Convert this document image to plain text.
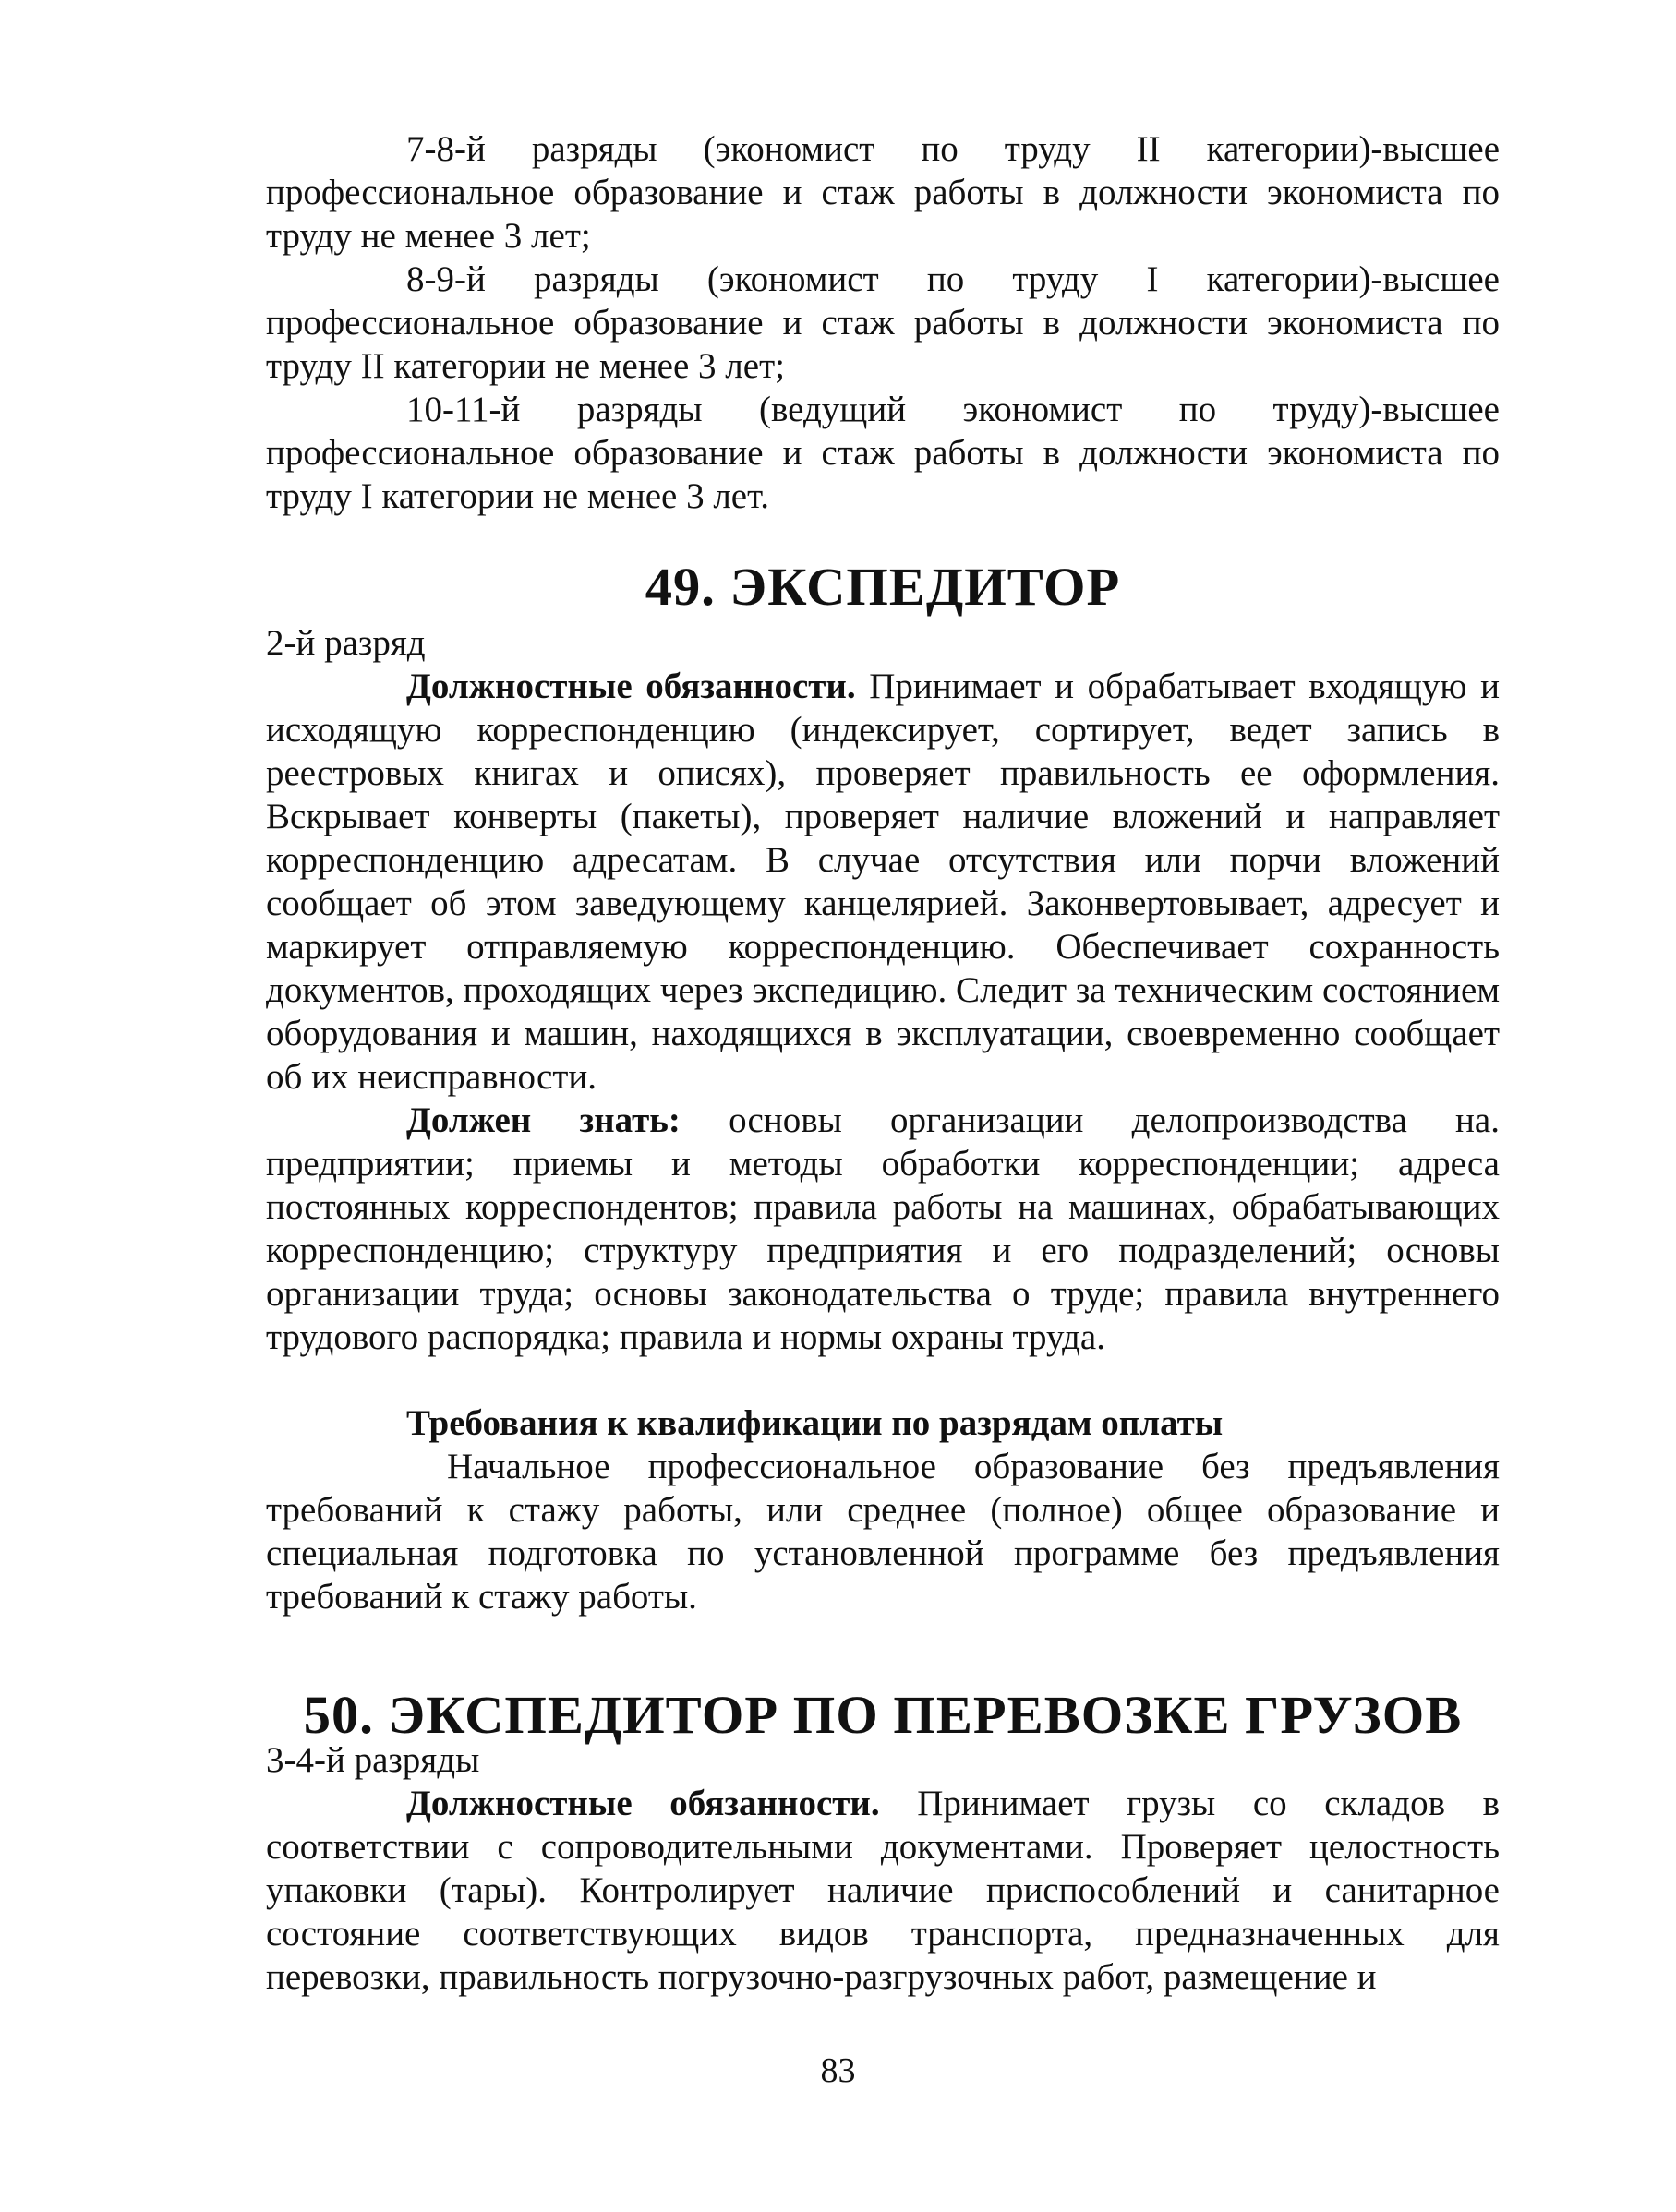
7-8-й разряды (экономист по труду II категории)-высшее профессиональное образование и стаж работы в должности экономиста по труду не менее 3 лет;

8-9-й разряды (экономист по труду I категории)-высшее профессиональное образование и стаж работы в должности экономиста по труду II категории не менее 3 лет;

10-11-й разряды (ведущий экономист по труду)-высшее профессиональное образование и стаж работы в должности экономиста по труду I категории не менее 3 лет.

49. ЭКСПЕДИТОР

2-й разряд

Должностные обязанности. Принимает и обрабатывает входящую и исходящую корреспонденцию (индексирует, сортирует, ведет запись в реестровых книгах и описях), проверяет правильность ее оформления. Вскрывает конверты (пакеты), проверяет наличие вложений и направляет корреспонденцию адресатам. В случае отсутствия или порчи вложений сообщает об этом заведующему канцелярией. Законвертовывает, адресует и маркирует отправляемую корреспонденцию. Обеспечивает сохранность документов, проходящих через экспедицию. Следит за техническим состоянием оборудования и машин, находящихся в эксплуатации, своевременно сообщает об их неисправности.

Должен знать: основы организации делопроизводства на. предприятии; приемы и методы обработки корреспонденции; адреса постоянных корреспондентов; правила работы на машинах, обрабатывающих корреспонденцию; структуру предприятия и его подразделений; основы организации труда; основы законодательства о труде; правила внутреннего трудового распорядка; правила и нормы охраны труда.

Требования к квалификации по разрядам оплаты

Начальное профессиональное образование без предъявления требований к стажу работы, или среднее (полное) общее образование и специальная подготовка по установленной программе без предъявления требований к стажу работы.

50. ЭКСПЕДИТОР ПО ПЕРЕВОЗКЕ ГРУЗОВ

3-4-й разряды

Должностные обязанности. Принимает грузы со складов в соответствии с сопроводительными документами. Проверяет целостность упаковки (тары). Контролирует наличие приспособлений и санитарное состояние соответствующих видов транспорта, предназначенных для перевозки, правильность погрузочно-разгрузочных работ, размещение и

83
